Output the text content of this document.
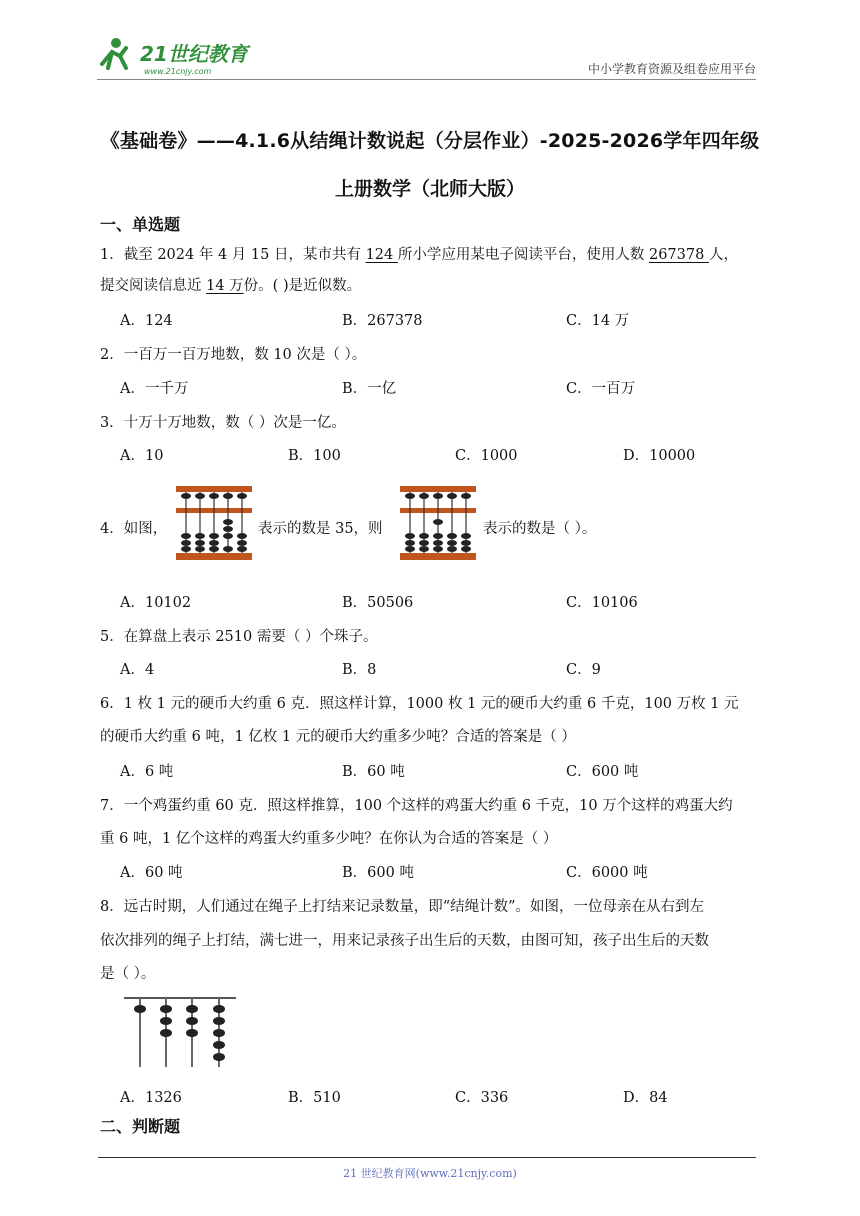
21世纪教育
www.21cnjy.com	中小学教育资源及组卷应用平台
《基础卷》——4.1.6从结绳计数说起（分层作业）-2025-2026学年四年级
上册数学（北师大版）
一、单选题
1．截至 2024 年 4 月 15 日，某市共有 124 所小学应用某电子阅读平台，使用人数 267378 人，
提交阅读信息近 14 万份。( )是近似数。
A．124	B．267378	C．14 万
2．一百万一百万地数，数 10 次是（ ）。
A．一千万	B．一亿	C．一百万
3．十万十万地数，数（ ）次是一亿。
A．10	B．100	C．1000	D．10000
4．如图，	表示的数是 35，则	表示的数是（ ）。
A．10102	B．50506	C．10106
5．在算盘上表示 2510 需要（ ）个珠子。
A．4	B．8	C．9
6．1 枚 1 元的硬币大约重 6 克．照这样计算，1000 枚 1 元的硬币大约重 6 千克，100 万枚 1 元
的硬币大约重 6 吨，1 亿枚 1 元的硬币大约重多少吨？合适的答案是（ ）
A．6 吨	B．60 吨	C．600 吨
7．一个鸡蛋约重 60 克．照这样推算，100 个这样的鸡蛋大约重 6 千克，10 万个这样的鸡蛋大约
重 6 吨，1 亿个这样的鸡蛋大约重多少吨？在你认为合适的答案是（ ）
A．60 吨	B．600 吨	C．6000 吨
8．远古时期，人们通过在绳子上打结来记录数量，即“结绳计数”。如图，一位母亲在从右到左
依次排列的绳子上打结，满七进一，用来记录孩子出生后的天数，由图可知，孩子出生后的天数
是（ ）。
A．1326	B．510	C．336	D．84
二、判断题
21 世纪教育网(www.21cnjy.com)
